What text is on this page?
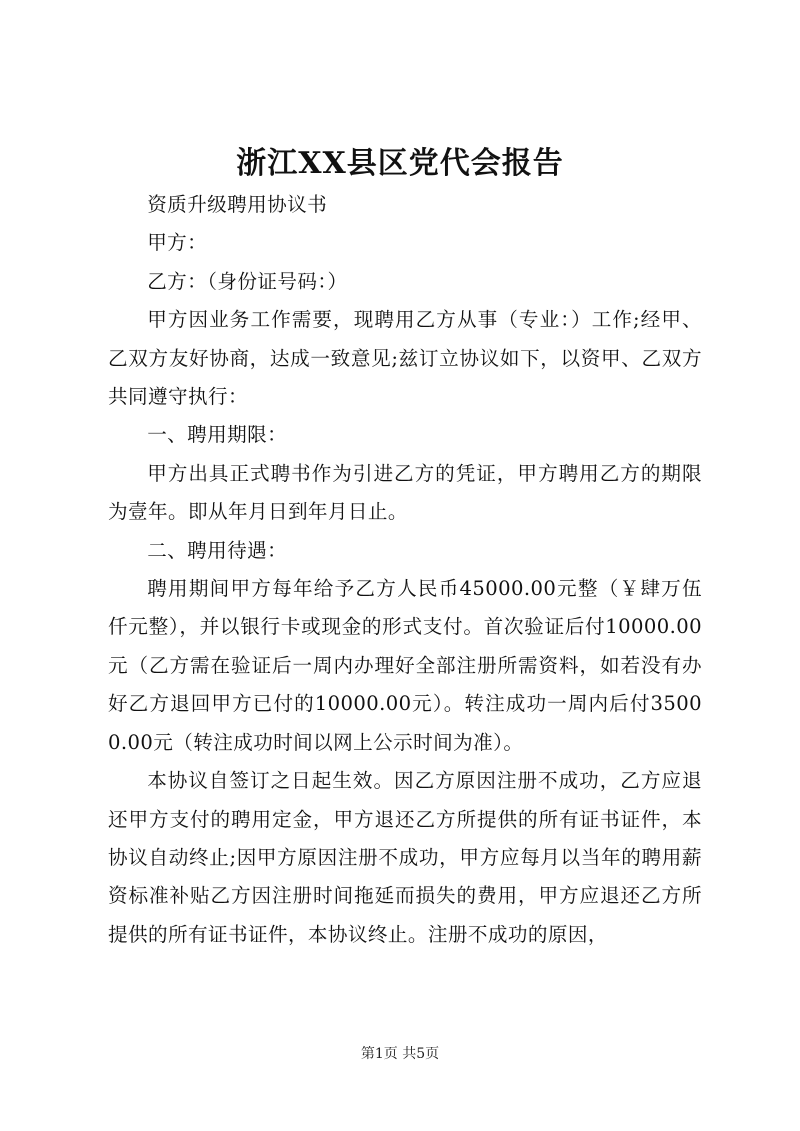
浙江XX县区党代会报告

资质升级聘用协议书

甲方：

乙方：（身份证号码：）

甲方因业务工作需要，现聘用乙方从事（专业：）工作;经甲、乙双方友好协商，达成一致意见;兹订立协议如下，以资甲、乙双方共同遵守执行：

一、聘用期限：

甲方出具正式聘书作为引进乙方的凭证，甲方聘用乙方的期限为壹年。即从年月日到年月日止。

二、聘用待遇：

聘用期间甲方每年给予乙方人民币45000.00元整（￥肆万伍仟元整），并以银行卡或现金的形式支付。首次验证后付10000.00元（乙方需在验证后一周内办理好全部注册所需资料，如若没有办好乙方退回甲方已付的10000.00元）。转注成功一周内后付35000.00元（转注成功时间以网上公示时间为准）。

本协议自签订之日起生效。因乙方原因注册不成功，乙方应退还甲方支付的聘用定金，甲方退还乙方所提供的所有证书证件，本协议自动终止;因甲方原因注册不成功，甲方应每月以当年的聘用薪资标准补贴乙方因注册时间拖延而损失的费用，甲方应退还乙方所提供的所有证书证件，本协议终止。注册不成功的原因，

第1页 共5页
